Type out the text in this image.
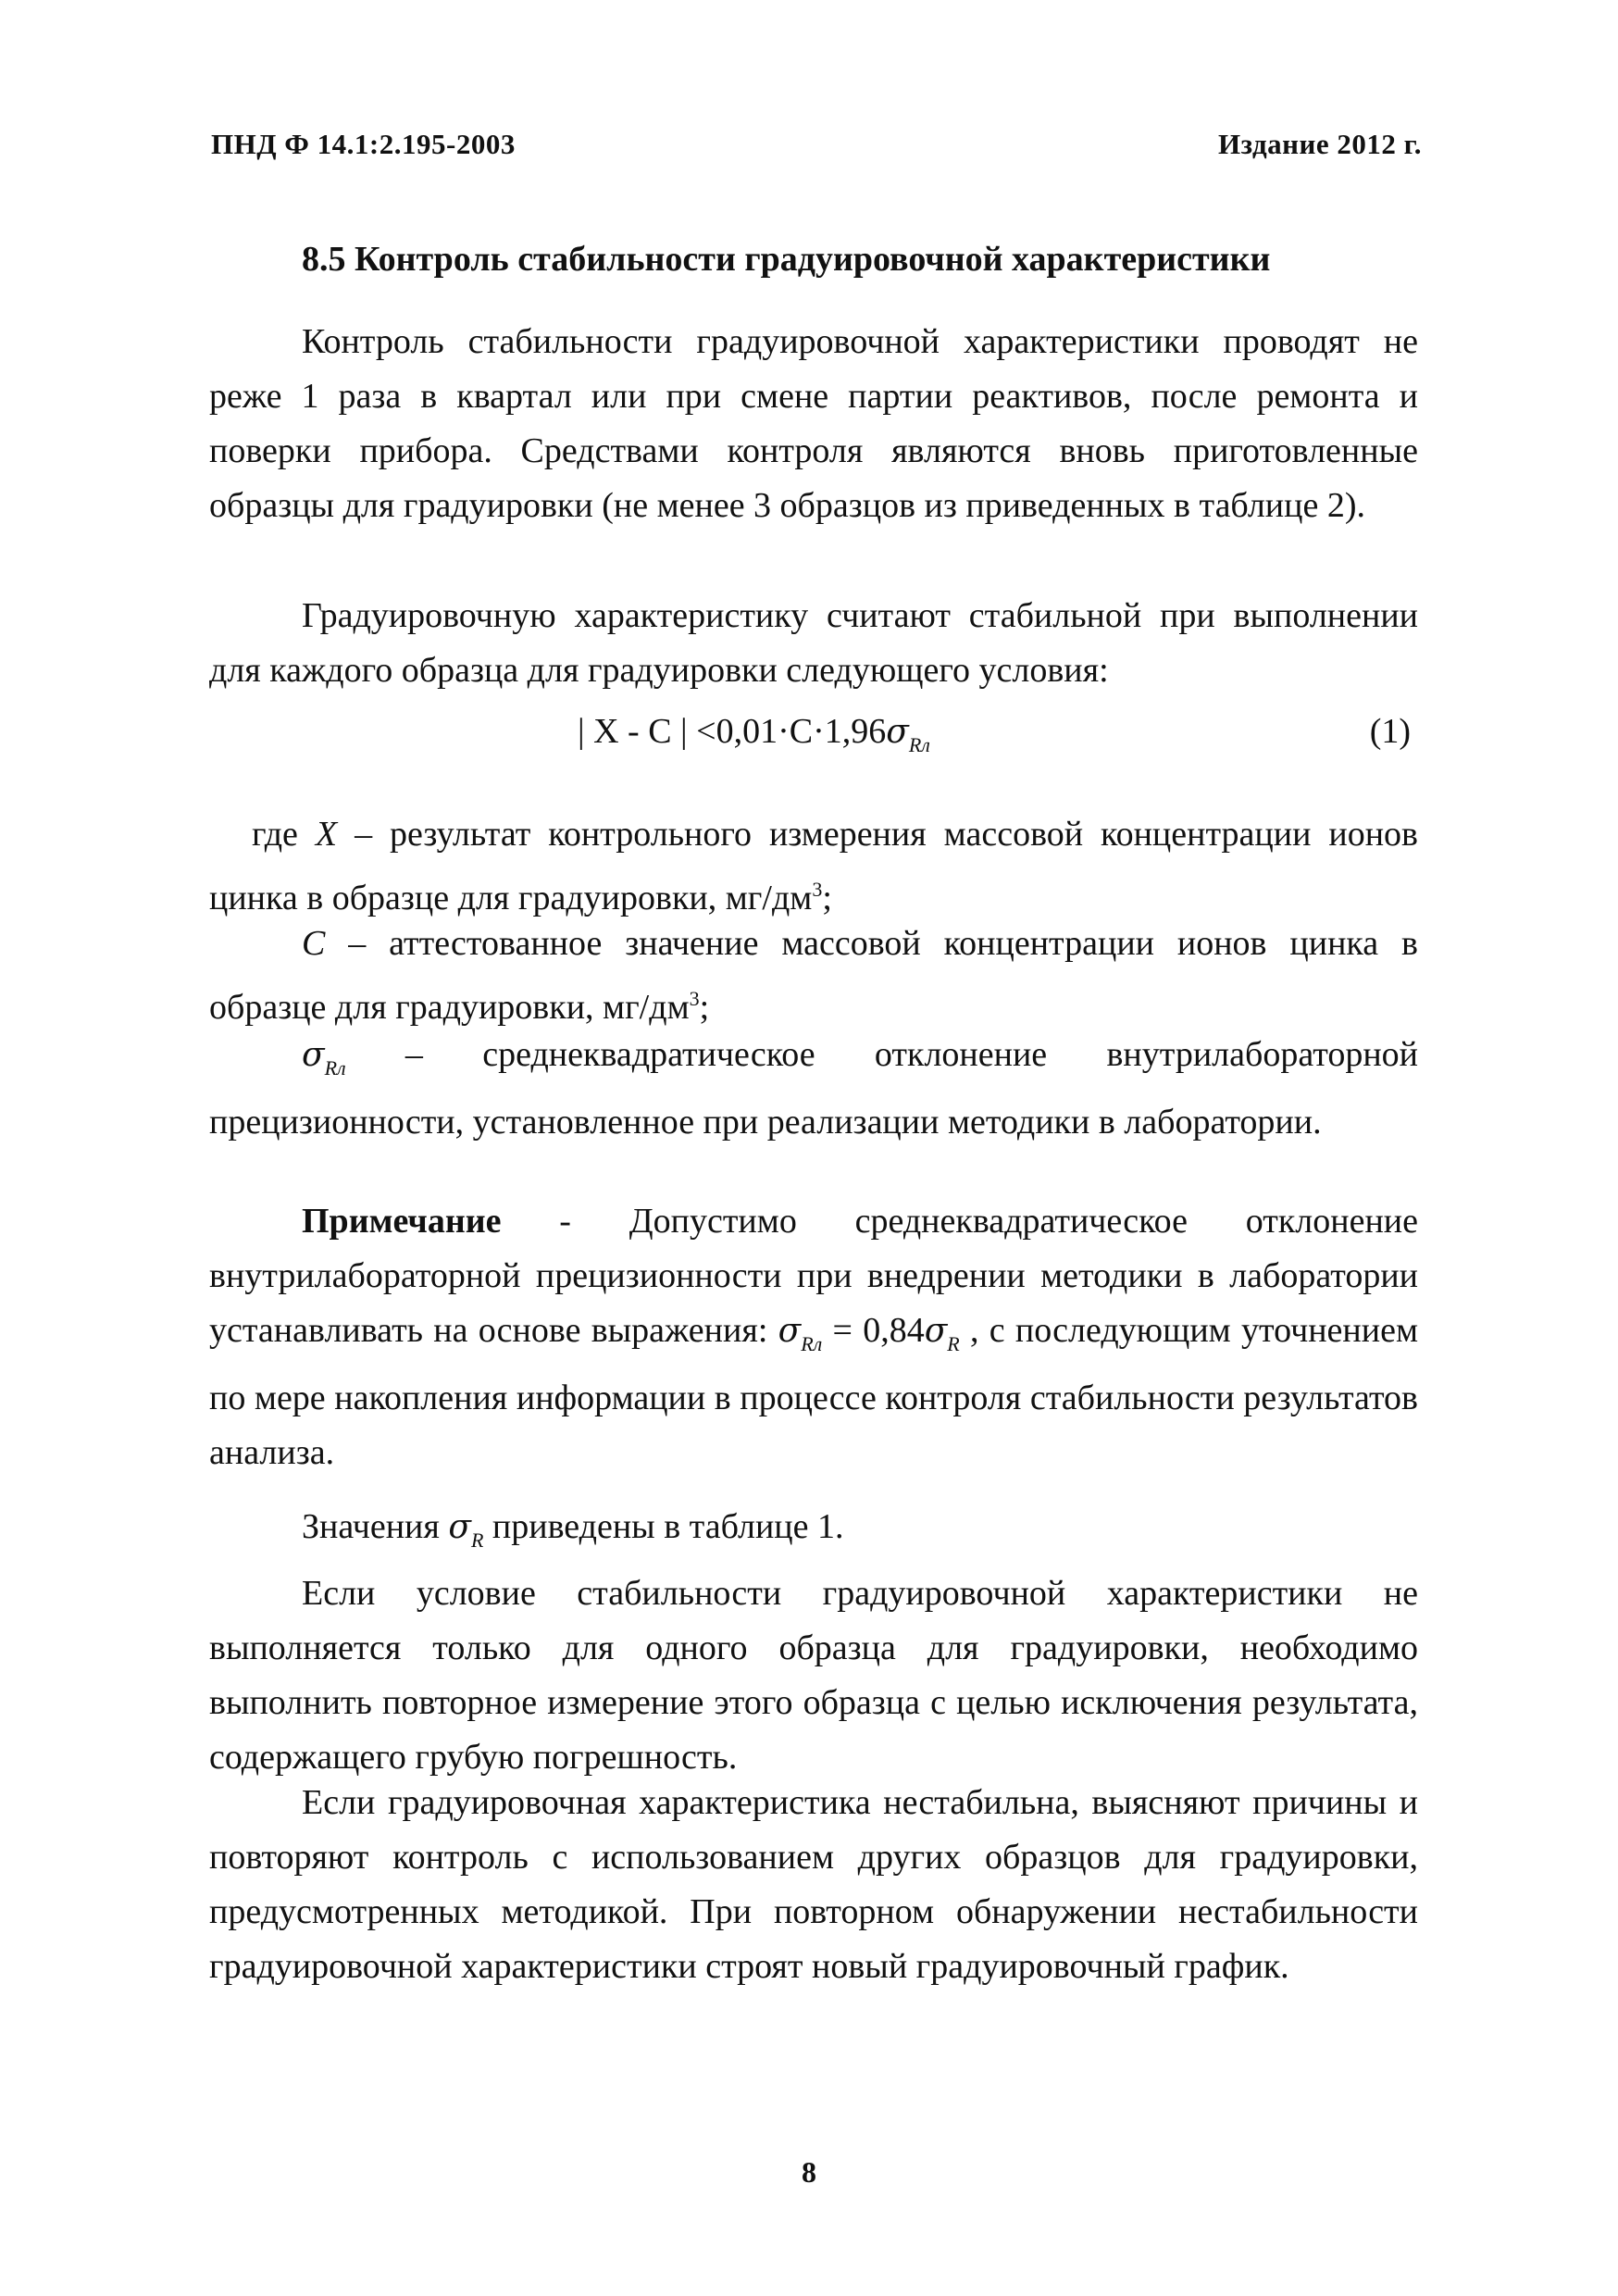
ПНД Ф 14.1:2.195-2003	Издание 2012 г.
8.5 Контроль стабильности градуировочной характеристики

Контроль стабильности градуировочной характеристики проводят не реже 1 раза в квартал или при смене партии реактивов, после ремонта и поверки прибора. Средствами контроля являются вновь приготовленные образцы для градуировки (не менее 3 образцов из приведенных в таблице 2).

Градуировочную характеристику считают стабильной при выполнении для каждого образца для градуировки следующего условия:

| X - C | $<0,01\cdot C\cdot 1,96\sigma_{Rл}$	(1)

где X – результат контрольного измерения массовой концентрации ионов цинка в образце для градуировки, $мг/дм^3$;

C – аттестованное значение массовой концентрации ионов цинка в образце для градуировки, $мг/дм^3$;

$\sigma_{Rл}$ – среднеквадратическое отклонение внутрилабораторной прецизионности, установленное при реализации методики в лаборатории.

Примечание - Допустимо среднеквадратическое отклонение внутрилабораторной прецизионности при внедрении методики в лаборатории устанавливать на основе выражения: $\sigma_{Rл} = 0,84\sigma_R$ , с последующим уточнением по мере накопления информации в процессе контроля стабильности результатов анализа.

Значения $\sigma_R$ приведены в таблице 1.

Если условие стабильности градуировочной характеристики не выполняется только для одного образца для градуировки, необходимо выполнить повторное измерение этого образца с целью исключения результата, содержащего грубую погрешность.

Если градуировочная характеристика нестабильна, выясняют причины и повторяют контроль с использованием других образцов для градуировки, предусмотренных методикой. При повторном обнаружении нестабильности градуировочной характеристики строят новый градуировочный график.

8
